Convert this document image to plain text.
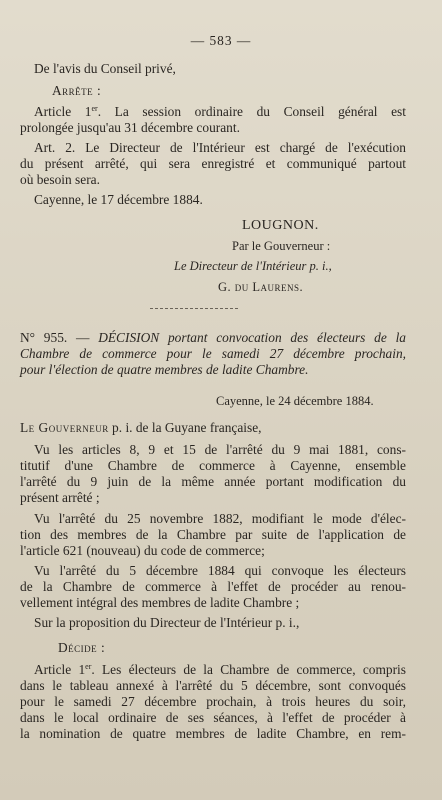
— 583 —
De l'avis du Conseil privé,
Arrête :
Article 1er. La session ordinaire du Conseil général est
prolongée jusqu'au 31 décembre courant.
Art. 2. Le Directeur de l'Intérieur est chargé de l'exécution
du présent arrêté, qui sera enregistré et communiqué partout
où besoin sera.
Cayenne, le 17 décembre 1884.
LOUGNON.
Par le Gouverneur :
Le Directeur de l'Intérieur p. i.,
G. du Laurens.
N° 955. — DÉCISION portant convocation des électeurs de la
Chambre de commerce pour le samedi 27 décembre prochain,
pour l'élection de quatre membres de ladite Chambre.
Cayenne, le 24 décembre 1884.
Le Gouverneur p. i. de la Guyane française,
Vu les articles 8, 9 et 15 de l'arrêté du 9 mai 1881, cons-
titutif d'une Chambre de commerce à Cayenne, ensemble
l'arrêté du 9 juin de la même année portant modification du
présent arrêté ;
Vu l'arrêté du 25 novembre 1882, modifiant le mode d'élec-
tion des membres de la Chambre par suite de l'application de
l'article 621 (nouveau) du code de commerce;
Vu l'arrêté du 5 décembre 1884 qui convoque les électeurs
de la Chambre de commerce à l'effet de procéder au renou-
vellement intégral des membres de ladite Chambre ;
Sur la proposition du Directeur de l'Intérieur p. i.,
Décide :
Article 1er. Les électeurs de la Chambre de commerce, compris
dans le tableau annexé à l'arrêté du 5 décembre, sont convoqués
pour le samedi 27 décembre prochain, à trois heures du soir,
dans le local ordinaire de ses séances, à l'effet de procéder à
la nomination de quatre membres de ladite Chambre, en rem-
